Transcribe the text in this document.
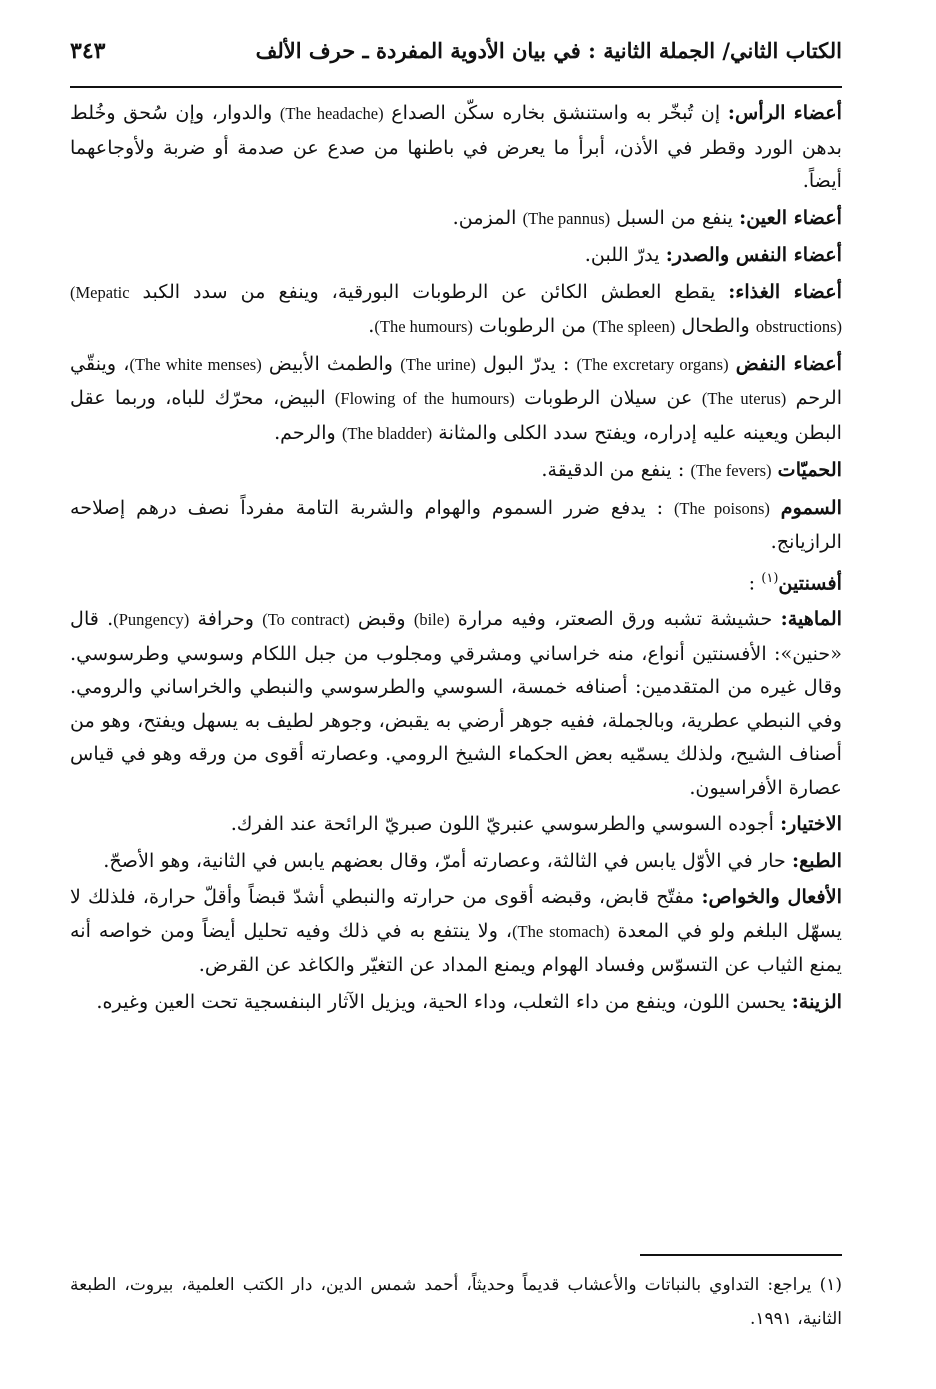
الكتاب الثاني/ الجملة الثانية : في بيان الأدوية المفردة ـ حرف الألف
٣٤٣

أعضاء الرأس: إن تُبخّر به واستنشق بخاره سكّن الصداع (The headache) والدوار، وإن سُحق وخُلط بدهن الورد وقطر في الأذن، أبرأ ما يعرض في باطنها من صدع عن صدمة أو ضربة ولأوجاعهما أيضاً.

أعضاء العين: ينفع من السبل (The pannus) المزمن.

أعضاء النفس والصدر: يدرّ اللبن.

أعضاء الغذاء: يقطع العطش الكائن عن الرطوبات البورقية، وينفع من سدد الكبد (Mepatic obstructions) والطحال (The spleen) من الرطوبات (The humours).

أعضاء النفض (The excretary organs) : يدرّ البول (The urine) والطمث الأبيض (The white menses)، وينقّي الرحم (The uterus) عن سيلان الرطوبات (Flowing of the humours) البيض، محرّك للباه، وربما عقل البطن ويعينه عليه إدراره، ويفتح سدد الكلى والمثانة (The bladder) والرحم.

الحميّات (The fevers) : ينفع من الدقيقة.

السموم (The poisons) : يدفع ضرر السموم والهوام والشربة التامة مفرداً نصف درهم إصلاحه الرازيانج.

أفسنتين$^{(١)}$ :

الماهية: حشيشة تشبه ورق الصعتر، وفيه مرارة (bile) وقبض (To contract) وحرافة (Pungency). قال «حنين»: الأفسنتين أنواع، منه خراساني ومشرقي ومجلوب من جبل اللكام وسوسي وطرسوسي. وقال غيره من المتقدمين: أصنافه خمسة، السوسي والطرسوسي والنبطي والخراساني والرومي. وفي النبطي عطرية، وبالجملة، ففيه جوهر أرضي به يقبض، وجوهر لطيف به يسهل ويفتح، وهو من أصناف الشيح، ولذلك يسمّيه بعض الحكماء الشيخ الرومي. وعصارته أقوى من ورقه وهو في قياس عصارة الأفراسيون.

الاختيار: أجوده السوسي والطرسوسي عنبريّ اللون صبريّ الرائحة عند الفرك.

الطبع: حار في الأوّل يابس في الثالثة، وعصارته أمرّ، وقال بعضهم يابس في الثانية، وهو الأصحّ.

الأفعال والخواص: مفتّح قابض، وقبضه أقوى من حرارته والنبطي أشدّ قبضاً وأقلّ حرارة، فلذلك لا يسهّل البلغم ولو في المعدة (The stomach)، ولا ينتفع به في ذلك وفيه تحليل أيضاً ومن خواصه أنه يمنع الثياب عن التسوّس وفساد الهوام ويمنع المداد عن التغيّر والكاغد عن القرض.

الزينة: يحسن اللون، وينفع من داء الثعلب، وداء الحية، ويزيل الآثار البنفسجية تحت العين وغيره.

(١) يراجع: التداوي بالنباتات والأعشاب قديماً وحديثاً، أحمد شمس الدين، دار الكتب العلمية، بيروت، الطبعة الثانية، ١٩٩١.
